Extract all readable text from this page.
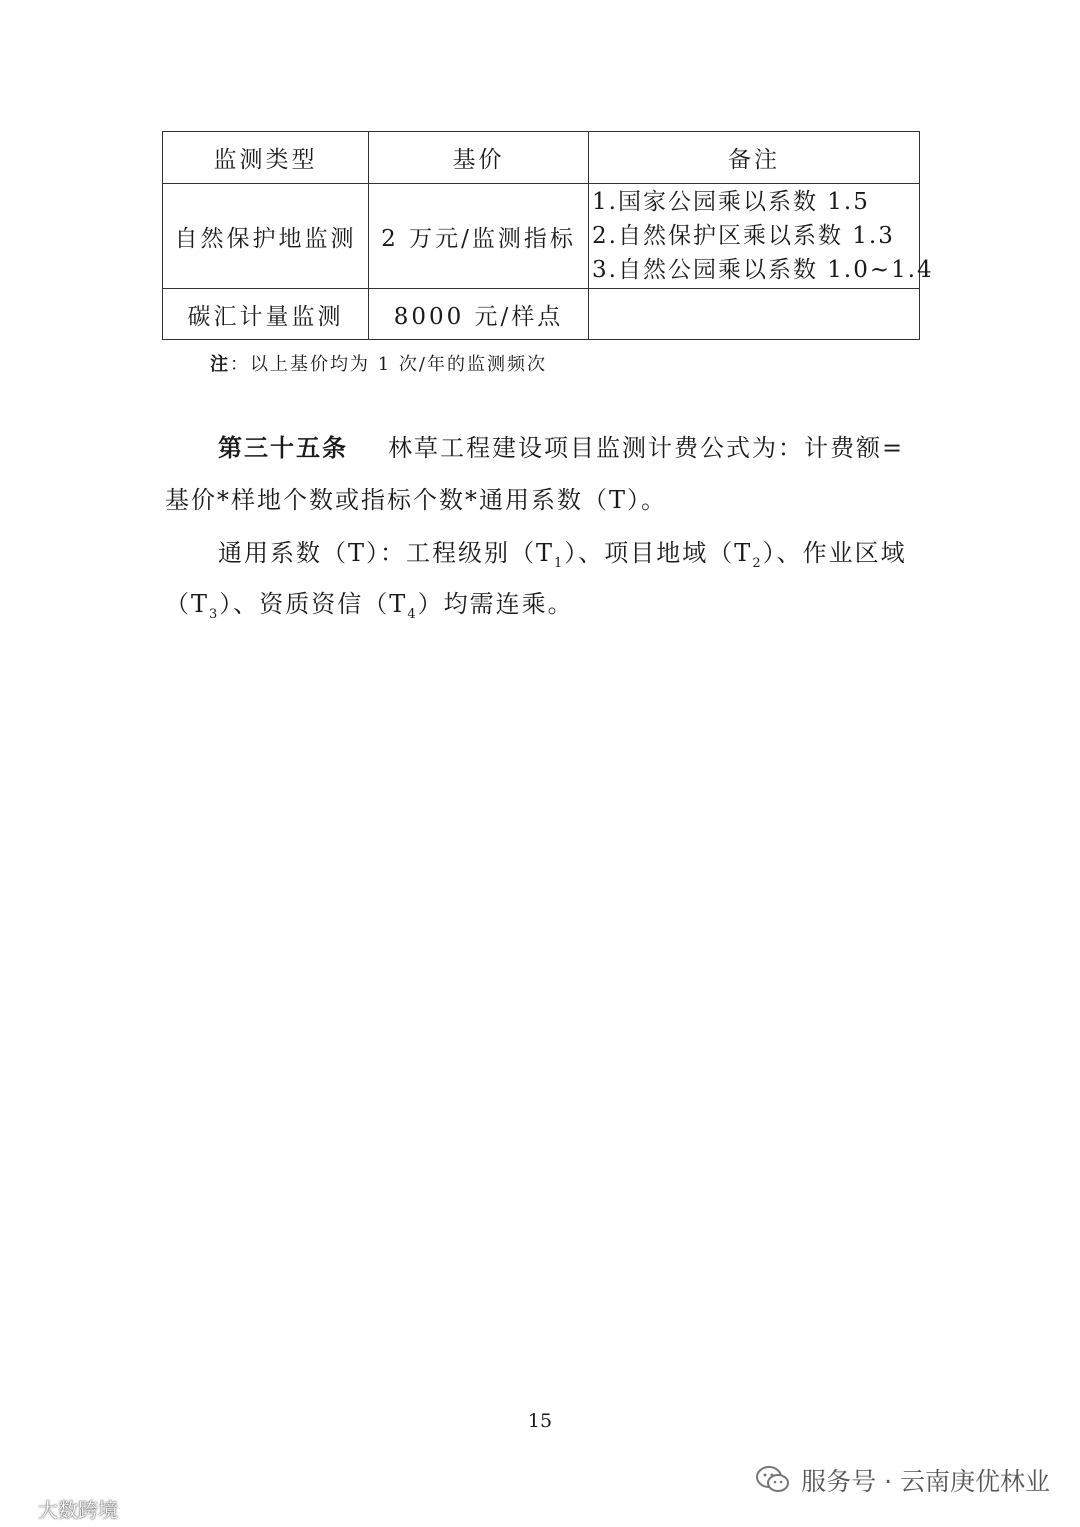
监测类型	基价	备注
自然保护地监测	2 万元/监测指标	1.国家公园乘以系数 1.5
2.自然保护区乘以系数 1.3
3.自然公园乘以系数 1.0~1.4

碳汇计量监测	8000 元/样点	
注：以上基价均为 1 次/年的监测频次
第三十五条 林草工程建设项目监测计费公式为：计费额=
基价*样地个数或指标个数*通用系数（T）。
通用系数（T）：工程级别$(T_1)$、项目地域$(T_2)$、作业区域
$(T_3)$、资质资信$(T_4)$均需连乘。
15
服务号 · 云南庚优林业
大数跨境
